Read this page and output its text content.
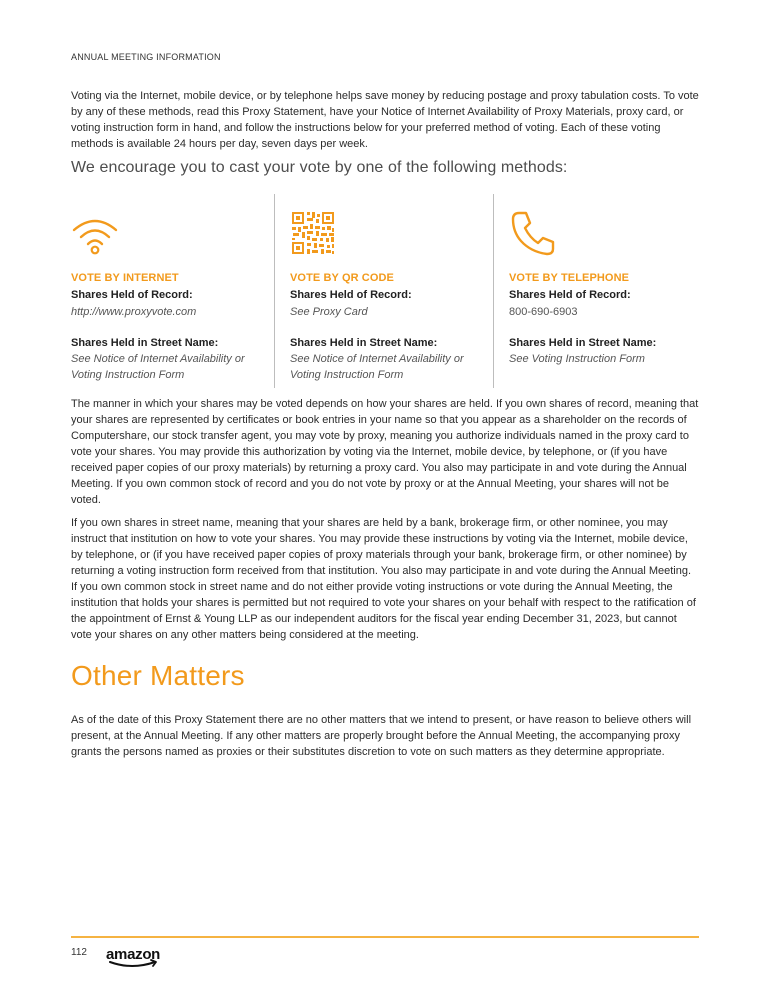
ANNUAL MEETING INFORMATION

Voting via the Internet, mobile device, or by telephone helps save money by reducing postage and proxy tabulation costs. To vote by any of these methods, read this Proxy Statement, have your Notice of Internet Availability of Proxy Materials, proxy card, or voting instruction form in hand, and follow the instructions below for your preferred method of voting. Each of these voting methods is available 24 hours per day, seven days per week.

We encourage you to cast your vote by one of the following methods:
VOTE BY INTERNET
Shares Held of Record:
http://www.proxyvote.com
Shares Held in Street Name:
See Notice of Internet Availability or Voting Instruction Form
VOTE BY QR CODE
Shares Held of Record:
See Proxy Card
Shares Held in Street Name:
See Notice of Internet Availability or Voting Instruction Form
VOTE BY TELEPHONE
Shares Held of Record:
800-690-6903
Shares Held in Street Name:
See Voting Instruction Form

The manner in which your shares may be voted depends on how your shares are held. If you own shares of record, meaning that your shares are represented by certificates or book entries in your name so that you appear as a shareholder on the records of Computershare, our stock transfer agent, you may vote by proxy, meaning you authorize individuals named in the proxy card to vote your shares. You may provide this authorization by voting via the Internet, mobile device, by telephone, or (if you have received paper copies of our proxy materials) by returning a proxy card. You also may participate in and vote during the Annual Meeting. If you own common stock of record and you do not vote by proxy or at the Annual Meeting, your shares will not be voted.

If you own shares in street name, meaning that your shares are held by a bank, brokerage firm, or other nominee, you may instruct that institution on how to vote your shares. You may provide these instructions by voting via the Internet, mobile device, by telephone, or (if you have received paper copies of proxy materials through your bank, brokerage firm, or other nominee) by returning a voting instruction form received from that institution. You also may participate in and vote during the Annual Meeting. If you own common stock in street name and do not either provide voting instructions or vote during the Annual Meeting, the institution that holds your shares is permitted but not required to vote your shares on your behalf with respect to the ratification of the appointment of Ernst & Young LLP as our independent auditors for the fiscal year ending December 31, 2023, but cannot vote your shares on any other matters being considered at the meeting.

Other Matters

As of the date of this Proxy Statement there are no other matters that we intend to present, or have reason to believe others will present, at the Annual Meeting. If any other matters are properly brought before the Annual Meeting, the accompanying proxy grants the persons named as proxies or their substitutes discretion to vote on such matters as they determine appropriate.

112 amazon
